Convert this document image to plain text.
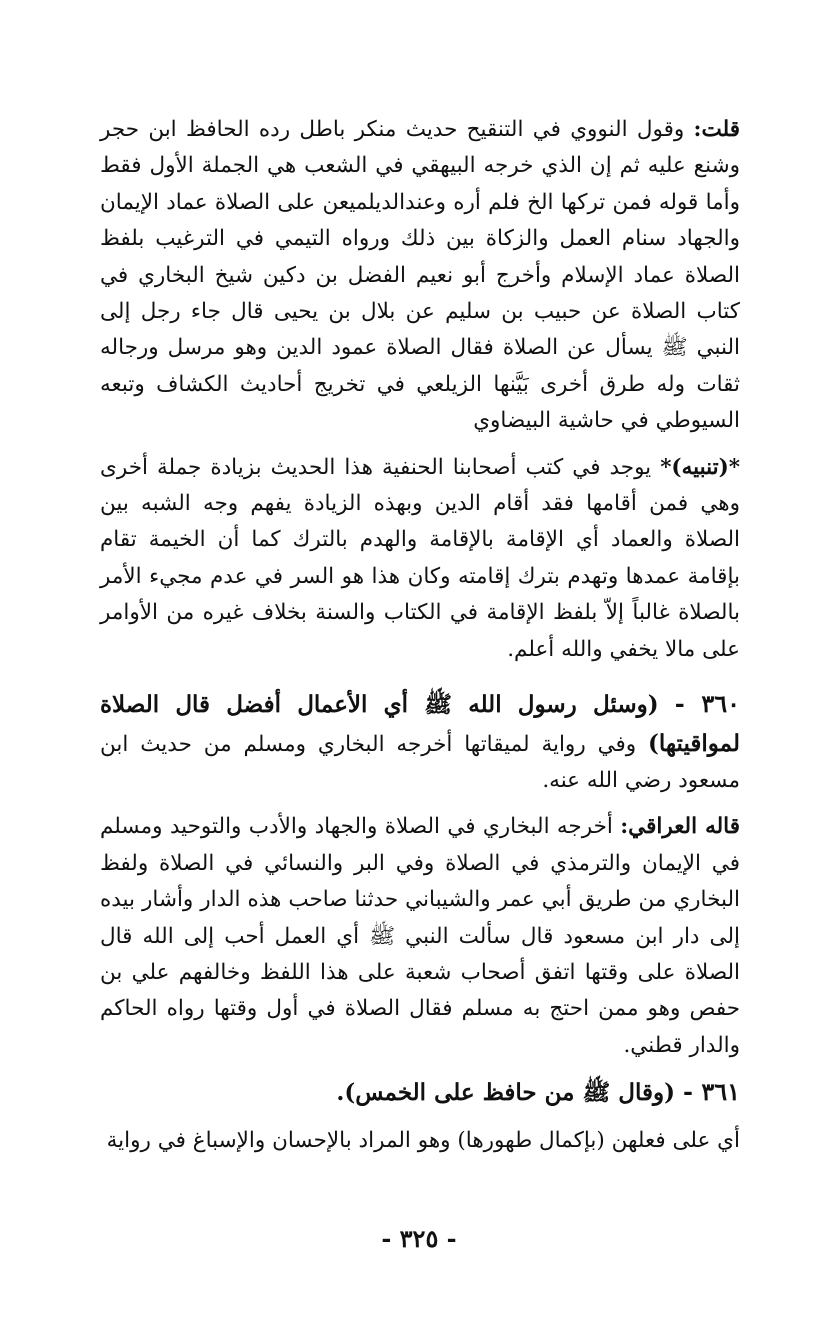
قلت: وقول النووي في التنقيح حديث منكر باطل رده الحافظ ابن حجر وشنع عليه ثم إن الذي خرجه البيهقي في الشعب هي الجملة الأول فقط وأما قوله فمن تركها الخ فلم أره وعندالديلميعن على الصلاة عماد الإيمان والجهاد سنام العمل والزكاة بين ذلك ورواه التيمي في الترغيب بلفظ الصلاة عماد الإسلام وأخرج أبو نعيم الفضل بن دكين شيخ البخاري في كتاب الصلاة عن حبيب بن سليم عن بلال بن يحيى قال جاء رجل إلى النبي ﷺ يسأل عن الصلاة فقال الصلاة عمود الدين وهو مرسل ورجاله ثقات وله طرق أخرى بَيَّنها الزيلعي في تخريج أحاديث الكشاف وتبعه السيوطي في حاشية البيضاوي

*(تنبيه)* يوجد في كتب أصحابنا الحنفية هذا الحديث بزيادة جملة أخرى وهي فمن أقامها فقد أقام الدين وبهذه الزيادة يفهم وجه الشبه بين الصلاة والعماد أي الإقامة بالإقامة والهدم بالترك كما أن الخيمة تقام بإقامة عمدها وتهدم بترك إقامته وكان هذا هو السر في عدم مجيء الأمر بالصلاة غالباً إلاّ بلفظ الإقامة في الكتاب والسنة بخلاف غيره من الأوامر على مالا يخفي والله أعلم.

٣٦٠ - (وسئل رسول الله ﷺ أي الأعمال أفضل قال الصلاة لمواقيتها) وفي رواية لميقاتها أخرجه البخاري ومسلم من حديث ابن مسعود رضي الله عنه.

قاله العراقي: أخرجه البخاري في الصلاة والجهاد والأدب والتوحيد ومسلم في الإيمان والترمذي في الصلاة وفي البر والنسائي في الصلاة ولفظ البخاري من طريق أبي عمر والشيباني حدثنا صاحب هذه الدار وأشار بيده إلى دار ابن مسعود قال سألت النبي ﷺ أي العمل أحب إلى الله قال الصلاة على وقتها اتفق أصحاب شعبة على هذا اللفظ وخالفهم علي بن حفص وهو ممن احتج به مسلم فقال الصلاة في أول وقتها رواه الحاكم والدار قطني.

٣٦١ - (وقال ﷺ من حافظ على الخمس).

أي على فعلهن (بإكمال طهورها) وهو المراد بالإحسان والإسباغ في رواية

- ٣٢٥ -
